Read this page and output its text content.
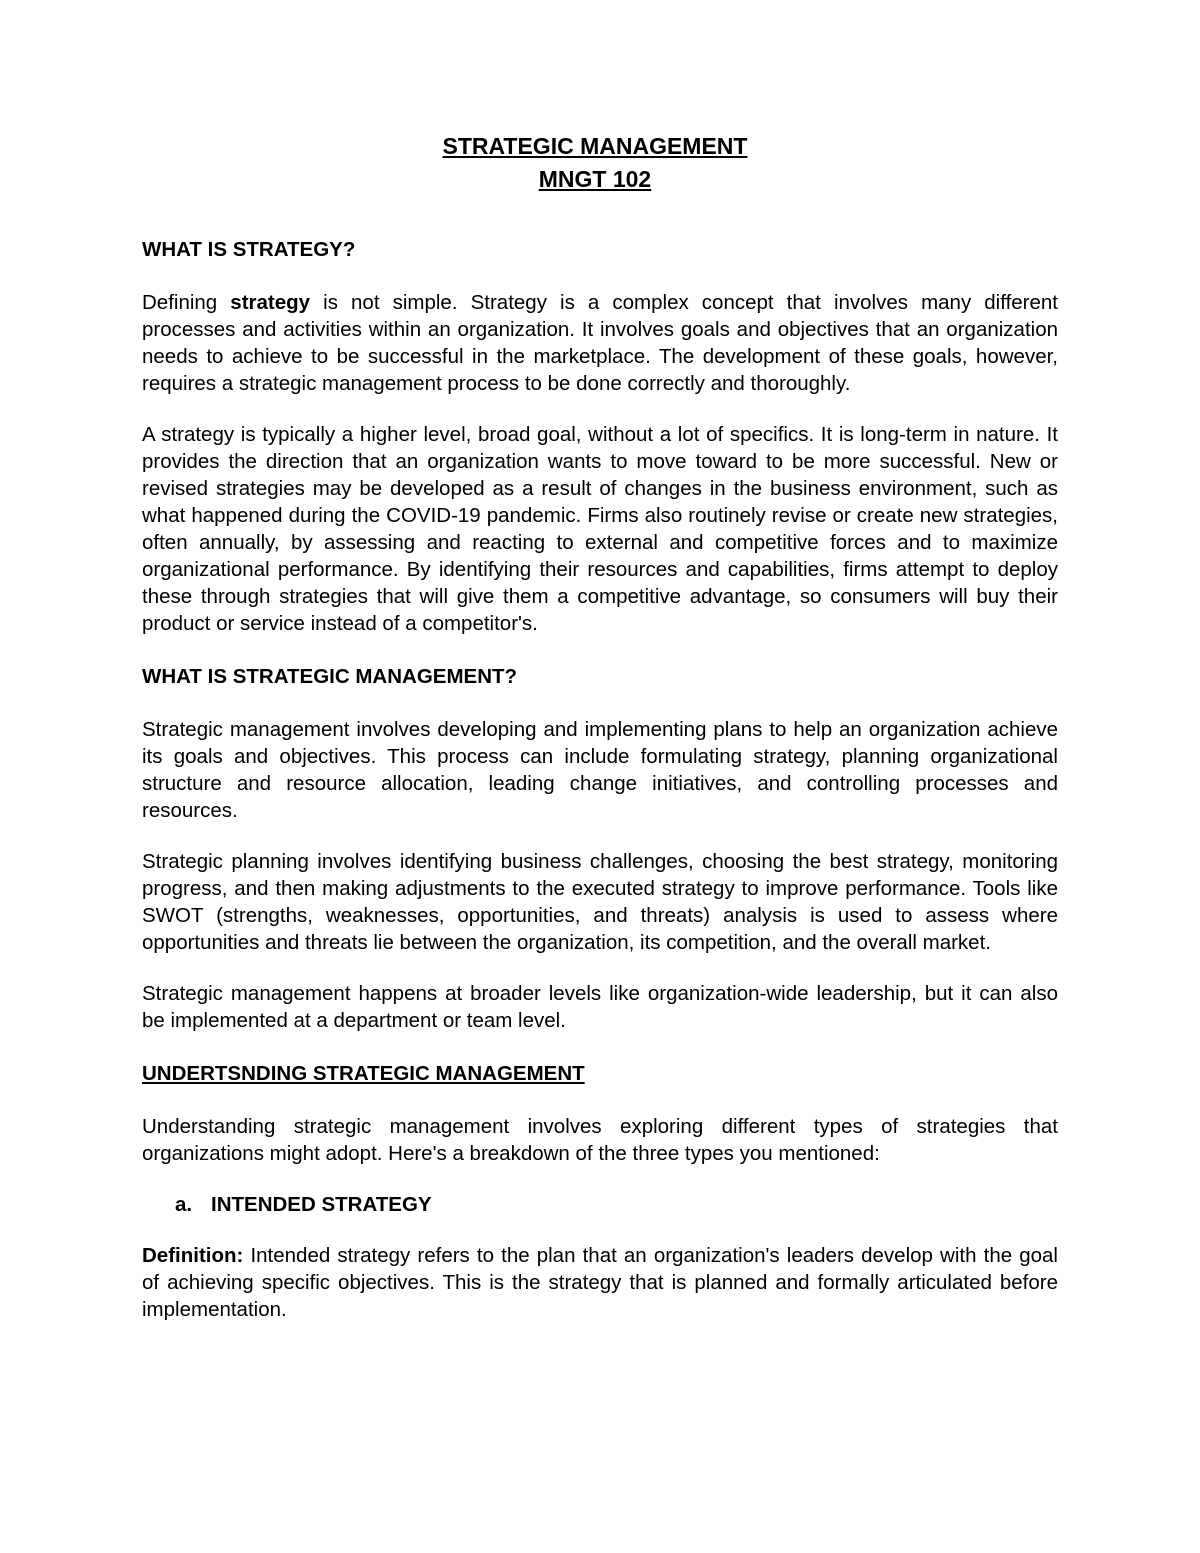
STRATEGIC MANAGEMENT
MNGT 102
WHAT IS STRATEGY?

Defining strategy is not simple. Strategy is a complex concept that involves many different processes and activities within an organization. It involves goals and objectives that an organization needs to achieve to be successful in the marketplace. The development of these goals, however, requires a strategic management process to be done correctly and thoroughly.

A strategy is typically a higher level, broad goal, without a lot of specifics. It is long-term in nature. It provides the direction that an organization wants to move toward to be more successful. New or revised strategies may be developed as a result of changes in the business environment, such as what happened during the COVID-19 pandemic. Firms also routinely revise or create new strategies, often annually, by assessing and reacting to external and competitive forces and to maximize organizational performance. By identifying their resources and capabilities, firms attempt to deploy these through strategies that will give them a competitive advantage, so consumers will buy their product or service instead of a competitor's.

WHAT IS STRATEGIC MANAGEMENT?

Strategic management involves developing and implementing plans to help an organization achieve its goals and objectives. This process can include formulating strategy, planning organizational structure and resource allocation, leading change initiatives, and controlling processes and resources.

Strategic planning involves identifying business challenges, choosing the best strategy, monitoring progress, and then making adjustments to the executed strategy to improve performance. Tools like SWOT (strengths, weaknesses, opportunities, and threats) analysis is used to assess where opportunities and threats lie between the organization, its competition, and the overall market.

Strategic management happens at broader levels like organization-wide leadership, but it can also be implemented at a department or team level.

UNDERTSNDING STRATEGIC MANAGEMENT

Understanding strategic management involves exploring different types of strategies that organizations might adopt. Here's a breakdown of the three types you mentioned:

a. INTENDED STRATEGY

Definition: Intended strategy refers to the plan that an organization's leaders develop with the goal of achieving specific objectives. This is the strategy that is planned and formally articulated before implementation.
